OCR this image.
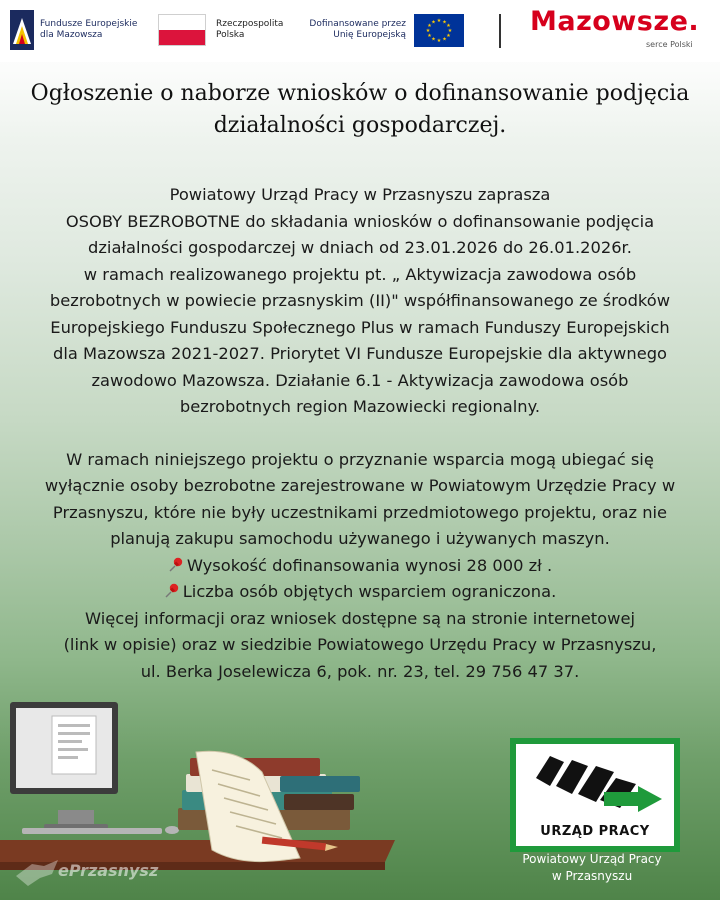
Fundusze Europejskie
dla Mazowsza
Rzeczpospolita
Polska
Dofinansowane przez
Unię Europejską
★ ★
★
★
★
★
★
★
★
★
★
★	Mazowsze.
serce Polski
Ogłoszenie o naborze wniosków o dofinansowanie podjęcia
działalności gospodarczej.

Powiatowy Urząd Pracy w Przasnyszu zaprasza

OSOBY BEZROBOTNE do składania wniosków o dofinansowanie podjęcia

działalności gospodarczej w dniach od 23.01.2026 do 26.01.2026r.

w ramach realizowanego projektu pt. „ Aktywizacja zawodowa osób

bezrobotnych w powiecie przasnyskim (II)" współfinansowanego ze środków

Europejskiego Funduszu Społecznego Plus w ramach Funduszy Europejskich

dla Mazowsza 2021-2027. Priorytet VI Fundusze Europejskie dla aktywnego

zawodowo Mazowsza. Działanie 6.1 - Aktywizacja zawodowa osób

bezrobotnych region Mazowiecki regionalny.

W ramach niniejszego projektu o przyznanie wsparcia mogą ubiegać się

wyłącznie osoby bezrobotne zarejestrowane w Powiatowym Urzędzie Pracy w

Przasnyszu, które nie były uczestnikami przedmiotowego projektu, oraz nie

planują zakupu samochodu używanego i używanych maszyn.

Wysokość dofinansowania wynosi 28 000 zł .

Liczba osób objętych wsparciem ograniczona.

Więcej informacji oraz wniosek dostępne są na stronie internetowej

(link w opisie) oraz w siedzibie Powiatowego Urzędu Pracy w Przasnyszu,

ul. Berka Joselewicza 6, pok. nr. 23, tel. 29 756 47 37.

URZĄD PRACY
Powiatowy Urząd Pracy
w Przasnyszu
ePrzasnysz
